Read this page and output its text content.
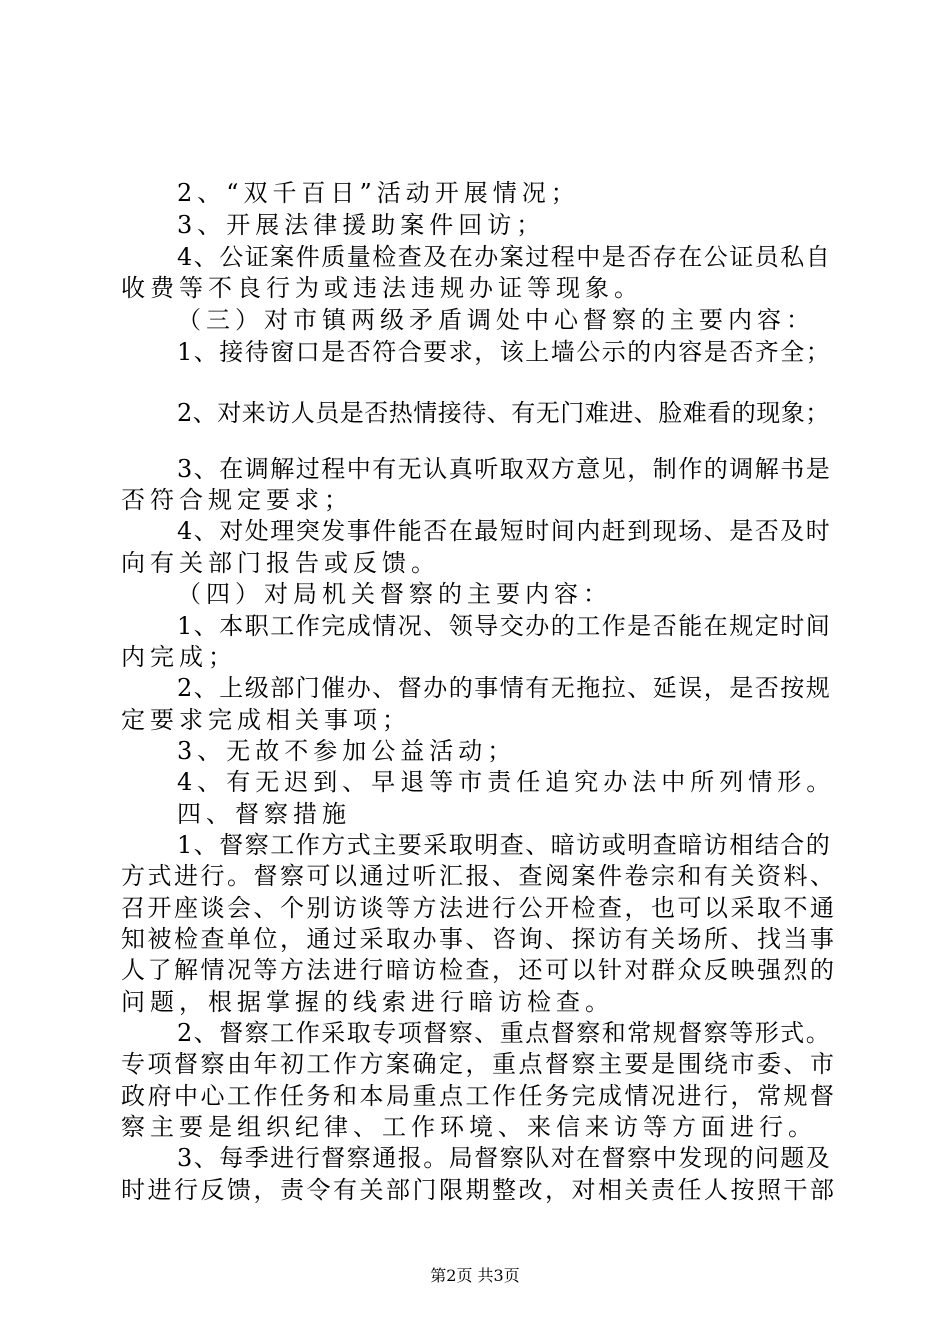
2、“双千百日”活动开展情况；
3、开展法律援助案件回访；
4、公证案件质量检查及在办案过程中是否存在公证员私自
收费等不良行为或违法违规办证等现象。
（三）对市镇两级矛盾调处中心督察的主要内容：
1、接待窗口是否符合要求，该上墙公示的内容是否齐全；
2、对来访人员是否热情接待、有无门难进、脸难看的现象；
3、在调解过程中有无认真听取双方意见，制作的调解书是
否符合规定要求；
4、对处理突发事件能否在最短时间内赶到现场、是否及时
向有关部门报告或反馈。
（四）对局机关督察的主要内容：
1、本职工作完成情况、领导交办的工作是否能在规定时间
内完成；
2、上级部门催办、督办的事情有无拖拉、延误，是否按规
定要求完成相关事项；
3、无故不参加公益活动；
4、有无迟到、早退等市责任追究办法中所列情形。
四、督察措施
1、督察工作方式主要采取明查、暗访或明查暗访相结合的
方式进行。督察可以通过听汇报、查阅案件卷宗和有关资料、
召开座谈会、个别访谈等方法进行公开检查，也可以采取不通
知被检查单位，通过采取办事、咨询、探访有关场所、找当事
人了解情况等方法进行暗访检查，还可以针对群众反映强烈的
问题，根据掌握的线索进行暗访检查。
2、督察工作采取专项督察、重点督察和常规督察等形式。
专项督察由年初工作方案确定，重点督察主要是围绕市委、市
政府中心工作任务和本局重点工作任务完成情况进行，常规督
察主要是组织纪律、工作环境、来信来访等方面进行。
3、每季进行督察通报。局督察队对在督察中发现的问题及
时进行反馈，责令有关部门限期整改，对相关责任人按照干部
第2页 共3页
